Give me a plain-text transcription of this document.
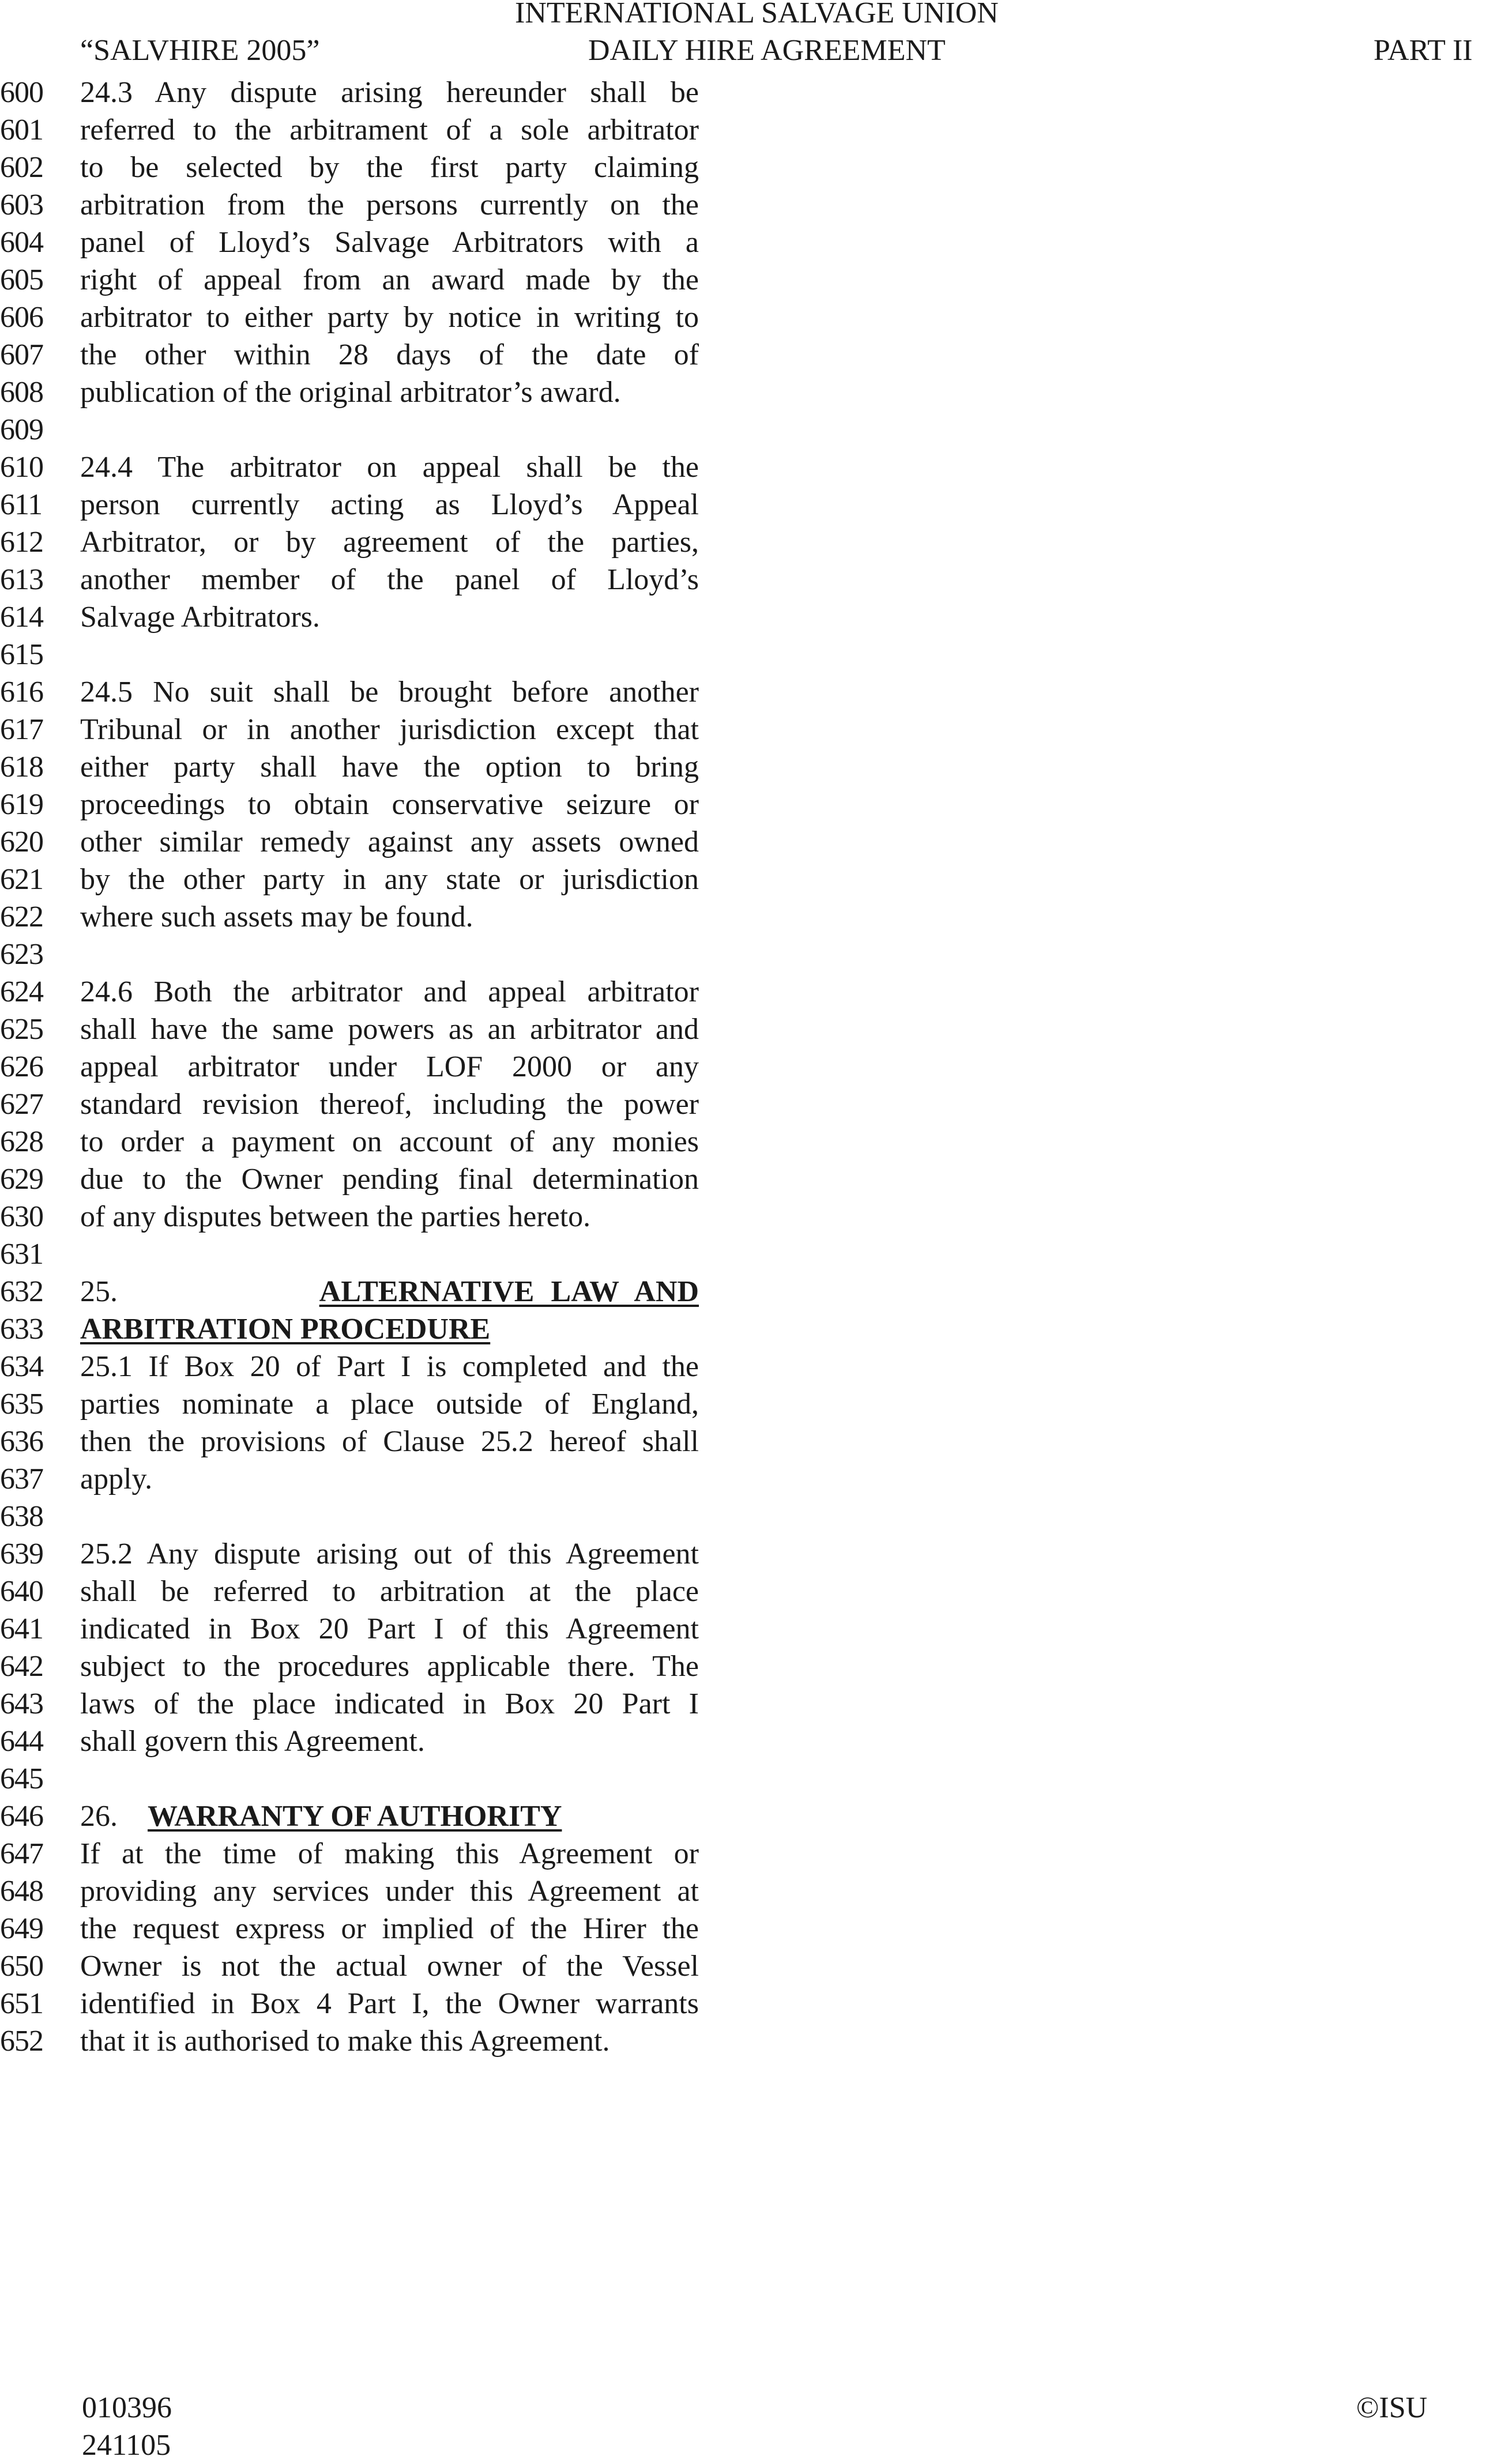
INTERNATIONAL SALVAGE UNION
“SALVHIRE 2005”	DAILY HIRE AGREEMENT	PART II
600
601
602
603
604
605
606
607
608
609
610
611
612
613
614
615
616
617
618
619
620
621
622
623
624
625
626
627
628
629
630
631
632
633
634
635
636
637
638
639
640
641
642
643
644
645
646
647
648
649
650
651
652
24.3 Any dispute arising hereunder shall be
referred to the arbitrament of a sole arbitrator
to be selected by the first party claiming
arbitration from the persons currently on the
panel of Lloyd’s Salvage Arbitrators with a
right of appeal from an award made by the
arbitrator to either party by notice in writing to
the other within 28 days of the date of
publication of the original arbitrator’s award.
24.4 The arbitrator on appeal shall be the
person currently acting as Lloyd’s Appeal
Arbitrator, or by agreement of the parties,
another member of the panel of Lloyd’s
Salvage Arbitrators.
24.5 No suit shall be brought before another
Tribunal or in another jurisdiction except that
either party shall have the option to bring
proceedings to obtain conservative seizure or
other similar remedy against any assets owned
by the other party in any state or jurisdiction
where such assets may be found.
24.6 Both the arbitrator and appeal arbitrator
shall have the same powers as an arbitrator and
appeal arbitrator under LOF 2000 or any
standard revision thereof, including the power
to order a payment on account of any monies
due to the Owner pending final determination
of any disputes between the parties hereto.
25.	ALTERNATIVE LAW AND
ARBITRATION PROCEDURE
25.1 If Box 20 of Part I is completed and the
parties nominate a place outside of England,
then the provisions of Clause 25.2 hereof shall
apply.
25.2 Any dispute arising out of this Agreement
shall be referred to arbitration at the place
indicated in Box 20 Part I of this Agreement
subject to the procedures applicable there. The
laws of the place indicated in Box 20 Part I
shall govern this Agreement.
26. WARRANTY OF AUTHORITY
If at the time of making this Agreement or
providing any services under this Agreement at
the request express or implied of the Hirer the
Owner is not the actual owner of the Vessel
identified in Box 4 Part I, the Owner warrants
that it is authorised to make this Agreement.
010396
241105
©ISU
